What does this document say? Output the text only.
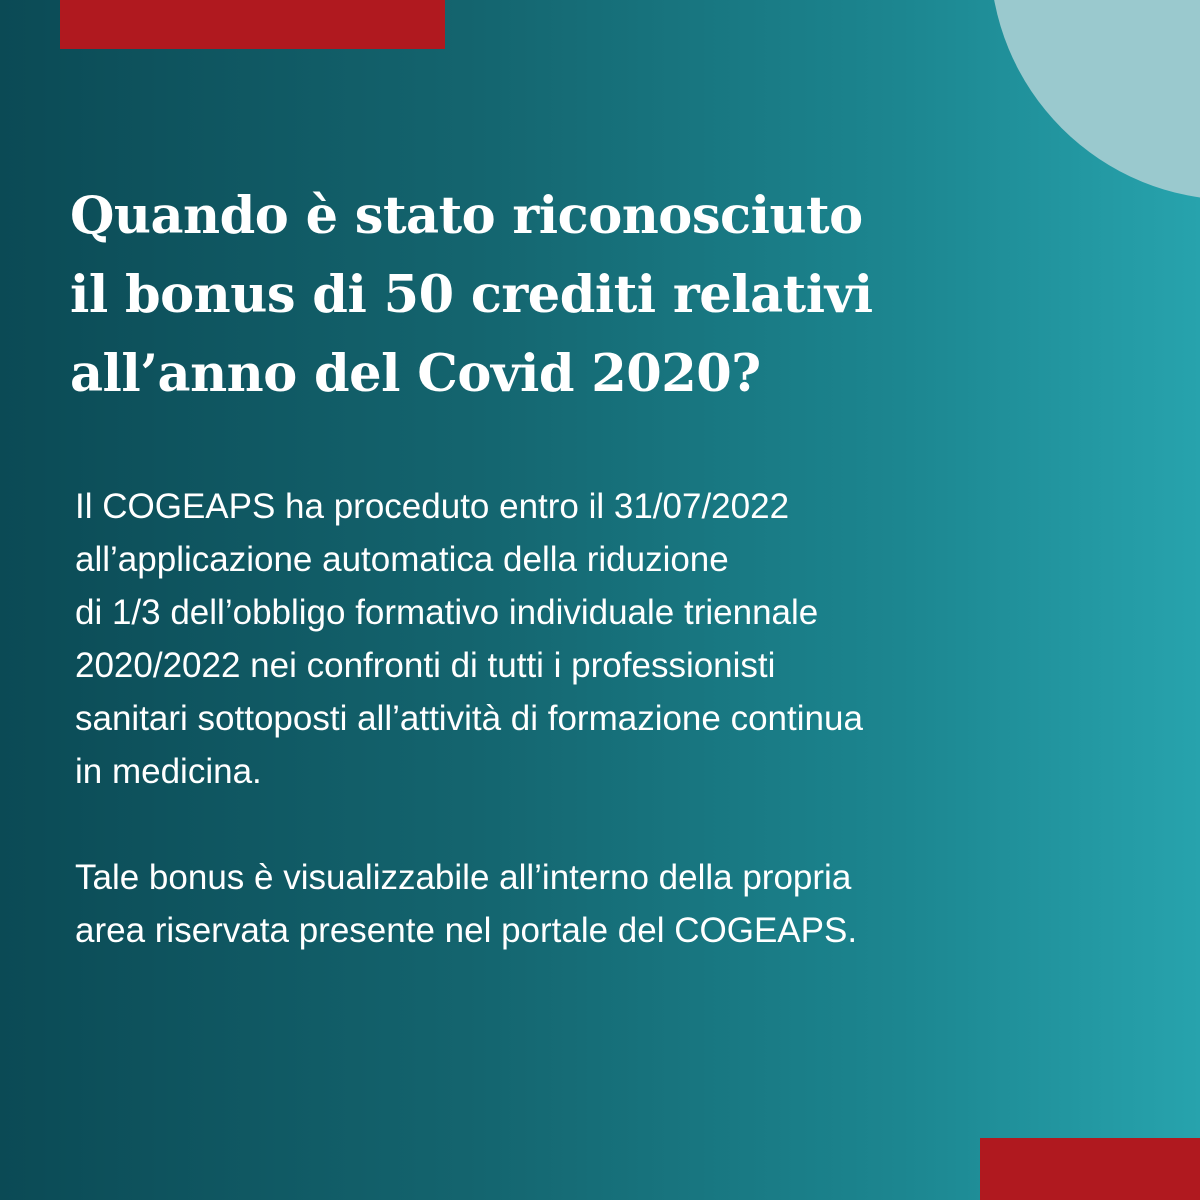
Quando è stato riconosciuto
il bonus di 50 crediti relativi
all’anno del Covid 2020?
Il COGEAPS ha proceduto entro il 31/07/2022
all’applicazione automatica della riduzione
di 1/3 dell’obbligo formativo individuale triennale
2020/2022 nei confronti di tutti i professionisti
sanitari sottoposti all’attività di formazione continua
in medicina.
Tale bonus è visualizzabile all’interno della propria
area riservata presente nel portale del COGEAPS.
